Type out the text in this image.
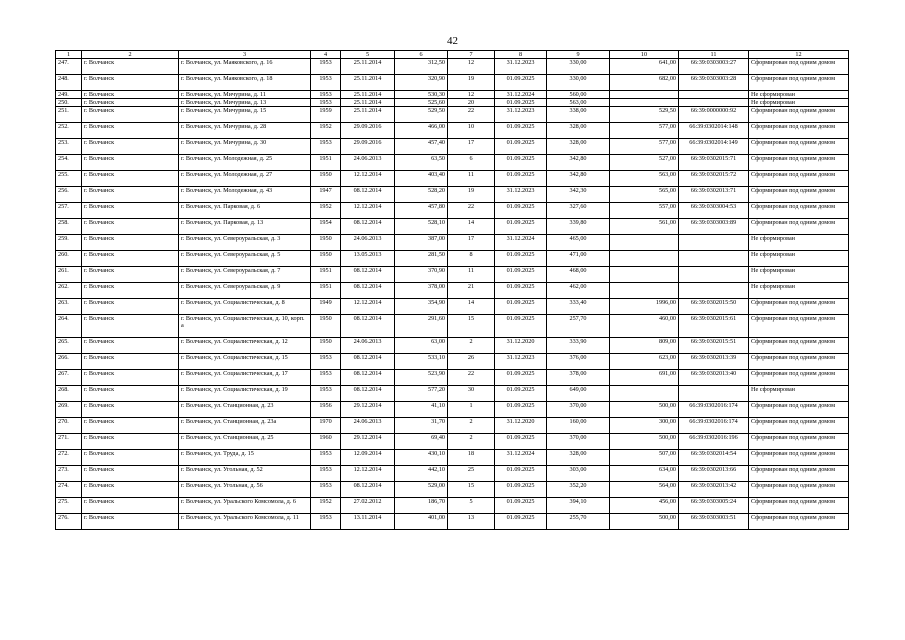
42
1	2	3	4	5	6	7	8	9	10	11	12
247.	г. Волчанск	г. Волчанск, ул. Маяковского, д. 16	1953	25.11.2014	312,50	12	31.12.2023	330,00	641,00	66:39:0303003:27	Сформирован под одним домом
248.	г. Волчанск	г. Волчанск, ул. Маяковского, д. 18	1953	25.11.2014	320,90	19	01.09.2025	330,00	682,00	66:39:0303003:28	Сформирован под одним домом
249.	г. Волчанск	г. Волчанск, ул. Мичурина, д. 11	1953	25.11.2014	530,30	12	31.12.2024	560,00			Не сформирован
250.	г. Волчанск	г. Волчанск, ул. Мичурина, д. 13	1953	25.11.2014	525,60	20	01.09.2025	563,00			Не сформирован
251.	г. Волчанск	г. Волчанск, ул. Мичурина, д. 15	1959	25.11.2014	529,50	22	31.12.2023	338,00	529,50	66:39:0000000:92	Сформирован под одним домом
252.	г. Волчанск	г. Волчанск, ул. Мичурина, д. 28	1952	29.09.2016	466,00	10	01.09.2025	328,00	577,00	66:39:0302014:148	Сформирован под одним домом
253.	г. Волчанск	г. Волчанск, ул. Мичурина, д. 30	1953	29.09.2016	457,40	17	01.09.2025	328,00	577,00	66:39:0302014:149	Сформирован под одним домом
254.	г. Волчанск	г. Волчанск, ул. Молодежная, д. 25	1951	24.06.2013	63,50	6	01.09.2025	342,80	527,00	66:39:0302015:71	Сформирован под одним домом
255.	г. Волчанск	г. Волчанск, ул. Молодежная, д. 27	1950	12.12.2014	403,40	11	01.09.2025	342,80	563,00	66:39:0302015:72	Сформирован под одним домом
256.	г. Волчанск	г. Волчанск, ул. Молодежная, д. 43	1947	08.12.2014	528,20	19	31.12.2023	342,30	565,00	66:39:0302013:71	Сформирован под одним домом
257.	г. Волчанск	г. Волчанск, ул. Парковая, д. 6	1952	12.12.2014	457,80	22	01.09.2025	327,60	557,00	66:39:0303004:53	Сформирован под одним домом
258.	г. Волчанск	г. Волчанск, ул. Парковая, д. 13	1954	08.12.2014	528,10	14	01.09.2025	339,80	561,00	66:39:0303003:89	Сформирован под одним домом
259.	г. Волчанск	г. Волчанск, ул. Североуральская, д. 3	1950	24.06.2013	387,00	17	31.12.2024	465,00			Не сформирован
260.	г. Волчанск	г. Волчанск, ул. Североуральская, д. 5	1950	13.05.2013	281,50	8	01.09.2025	471,00			Не сформирован
261.	г. Волчанск	г. Волчанск, ул. Североуральская, д. 7	1951	08.12.2014	370,90	11	01.09.2025	468,00			Не сформирован
262.	г. Волчанск	г. Волчанск, ул. Североуральская, д. 9	1951	08.12.2014	378,00	21	01.09.2025	462,00			Не сформирован
263.	г. Волчанск	г. Волчанск, ул. Социалистическая, д. 8	1949	12.12.2014	354,90	14	01.09.2025	333,40	1996,00	66:39:0302015:50	Сформирован под одним домом
264.	г. Волчанск	г. Волчанск, ул. Социалистическая, д. 10, корп. а	1950	08.12.2014	291,60	15	01.09.2025	257,70	460,00	66:39:0302015:61	Сформирован под одним домом
265.	г. Волчанск	г. Волчанск, ул. Социалистическая, д. 12	1950	24.06.2013	63,00	2	31.12.2020	333,90	809,00	66:39:0302015:51	Сформирован под одним домом
266.	г. Волчанск	г. Волчанск, ул. Социалистическая, д. 15	1953	08.12.2014	533,10	26	31.12.2023	376,00	623,00	66:39:0302013:39	Сформирован под одним домом
267.	г. Волчанск	г. Волчанск, ул. Социалистическая, д. 17	1953	08.12.2014	523,90	22	01.09.2025	378,00	691,00	66:39:0302013:40	Сформирован под одним домом
268.	г. Волчанск	г. Волчанск, ул. Социалистическая, д. 19	1953	08.12.2014	577,20	30	01.09.2025	649,00			Не сформирован
269.	г. Волчанск	г. Волчанск, ул. Станционная, д. 23	1956	29.12.2014	41,10	1	01.09.2025	370,00	500,00	66:39:0302016:174	Сформирован под одним домом
270.	г. Волчанск	г. Волчанск, ул. Станционная, д. 23а	1970	24.06.2013	31,70	2	31.12.2020	160,00	300,00	66:39:0302016:174	Сформирован под одним домом
271.	г. Волчанск	г. Волчанск, ул. Станционная, д. 25	1960	29.12.2014	69,40	2	01.09.2025	370,00	500,00	66:39:0302016:196	Сформирован под одним домом
272.	г. Волчанск	г. Волчанск, ул. Труда, д. 15	1953	12.09.2014	430,10	18	31.12.2024	328,00	507,00	66:39:0302014:54	Сформирован под одним домом
273.	г. Волчанск	г. Волчанск, ул. Угольная, д. 52	1953	12.12.2014	442,10	25	01.09.2025	303,00	634,00	66:39:0302013:66	Сформирован под одним домом
274.	г. Волчанск	г. Волчанск, ул. Угольная, д. 56	1953	08.12.2014	529,00	15	01.09.2025	352,20	564,00	66:39:0302013:42	Сформирован под одним домом
275.	г. Волчанск	г. Волчанск, ул. Уральского Комсомола, д. 6	1952	27.02.2012	186,70	5	01.09.2025	394,10	456,00	66:39:0303005:24	Сформирован под одним домом
276.	г. Волчанск	г. Волчанск, ул. Уральского Комсомола, д. 11	1953	13.11.2014	401,00	13	01.09.2025	255,70	500,00	66:39:0303003:51	Сформирован под одним домом
